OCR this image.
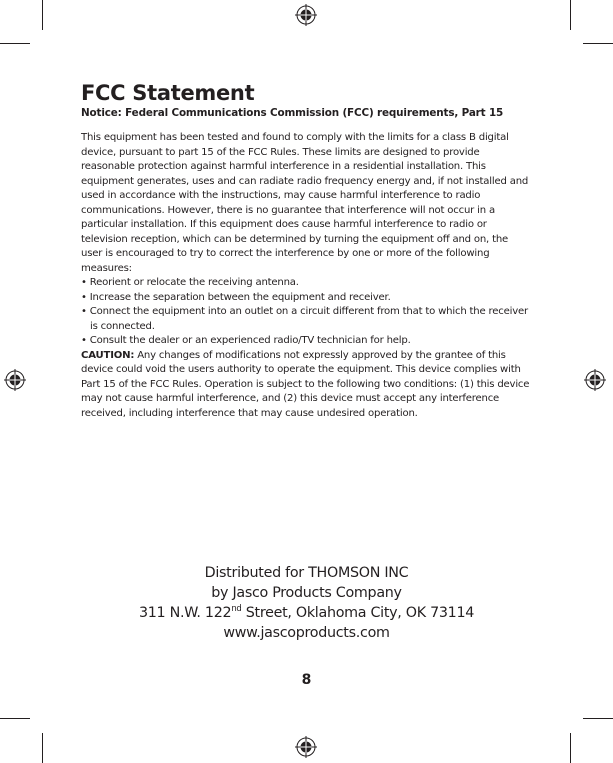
FCC Statement

Notice: Federal Communications Commission (FCC) requirements, Part 15

This equipment has been tested and found to comply with the limits for a class B digital device, pursuant to part 15 of the FCC Rules. These limits are designed to provide reasonable protection against harmful interference in a residential installation. This equipment generates, uses and can radiate radio frequency energy and, if not installed and used in accordance with the instructions, may cause harmful interference to radio communications. However, there is no guarantee that interference will not occur in a particular installation. If this equipment does cause harmful interference to radio or television reception, which can be determined by turning the equipment off and on, the user is encouraged to try to correct the interference by one or more of the following measures:

• Reorient or relocate the receiving antenna.
• Increase the separation between the equipment and receiver.
• Connect the equipment into an outlet on a circuit different from that to which the receiver is connected.
• Consult the dealer or an experienced radio/TV technician for help.

CAUTION: Any changes of modifications not expressly approved by the grantee of this device could void the users authority to operate the equipment. This device complies with Part 15 of the FCC Rules. Operation is subject to the following two conditions: (1) this device may not cause harmful interference, and (2) this device must accept any interference received, including interference that may cause undesired operation.

Distributed for THOMSON INC
by Jasco Products Company
311 N.W. 122nd Street, Oklahoma City, OK 73114
www.jascoproducts.com
8
